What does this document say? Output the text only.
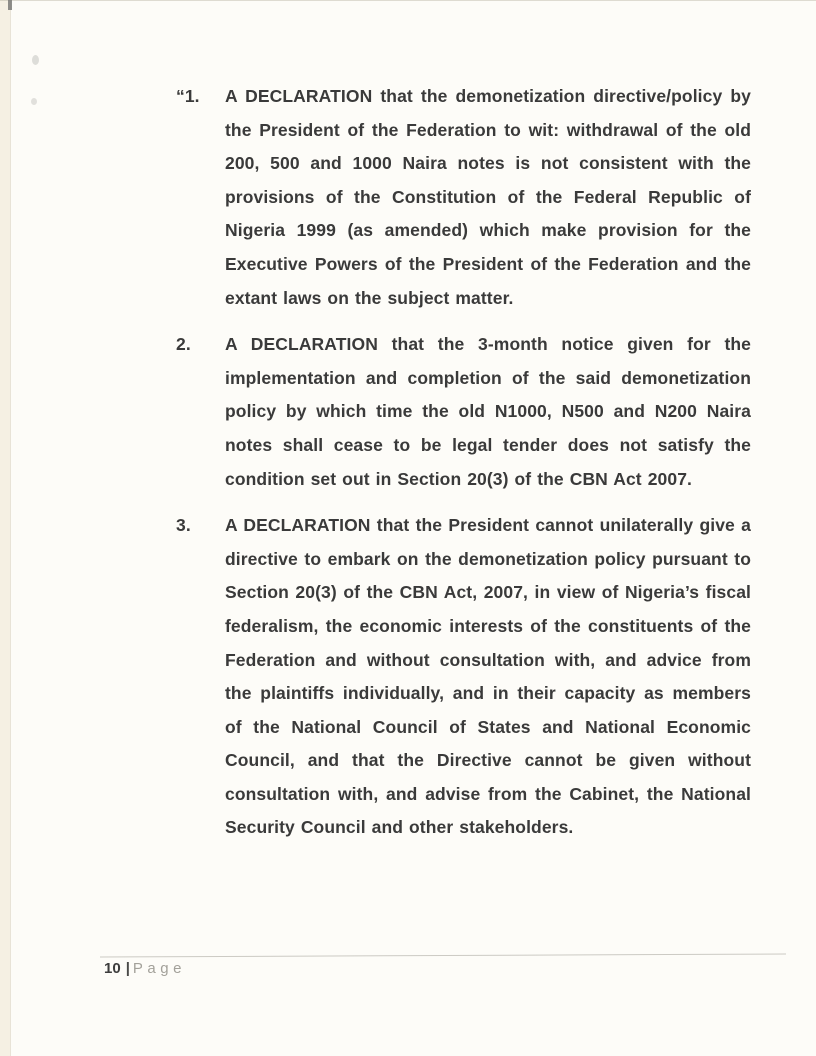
“1.	A DECLARATION that the demonetization directive/policy by the President of the Federation to wit: withdrawal of the old 200, 500 and 1000 Naira notes is not consistent with the provisions of the Constitution of the Federal Republic of Nigeria 1999 (as amended) which make provision for the Executive Powers of the President of the Federation and the extant laws on the subject matter.

2.	A DECLARATION that the 3-month notice given for the implementation and completion of the said demonetization policy by which time the old N1000, N500 and N200 Naira notes shall cease to be legal tender does not satisfy the condition set out in Section 20(3) of the CBN Act 2007.

3.	A DECLARATION that the President cannot unilaterally give a directive to embark on the demonetization policy pursuant to Section 20(3) of the CBN Act, 2007, in view of Nigeria’s fiscal federalism, the economic interests of the constituents of the Federation and without consultation with, and advice from the plaintiffs individually, and in their capacity as members of the National Council of States and National Economic Council, and that the Directive cannot be given without consultation with, and advise from the Cabinet, the National Security Council and other stakeholders.

10 | Page
